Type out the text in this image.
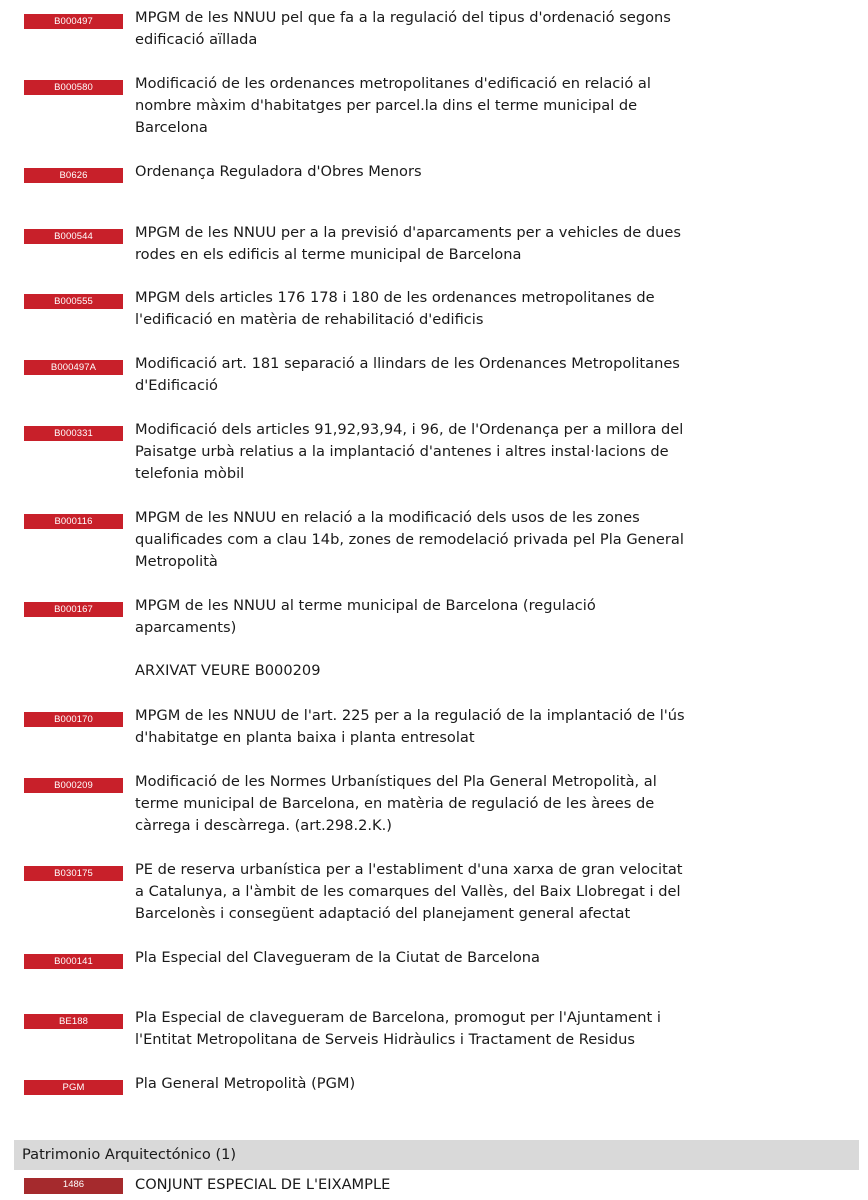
B000497	MPGM de les NNUU pel que fa a la regulació del tipus d'ordenació segons edificació aïllada
B000580	Modificació de les ordenances metropolitanes d'edificació en relació al nombre màxim d'habitatges per parcel.la dins el terme municipal de Barcelona
B0626	Ordenança Reguladora d'Obres Menors
B000544	MPGM de les NNUU per a la previsió d'aparcaments per a vehicles de dues rodes en els edificis al terme municipal de Barcelona
B000555	MPGM dels articles 176 178 i 180 de les ordenances metropolitanes de l'edificació en matèria de rehabilitació d'edificis
B000497A	Modificació art. 181 separació a llindars de les Ordenances Metropolitanes d'Edificació
B000331	Modificació dels articles 91,92,93,94, i 96, de l'Ordenança per a millora del Paisatge urbà relatius a la implantació d'antenes i altres instal·lacions de telefonia mòbil
B000116	MPGM de les NNUU en relació a la modificació dels usos de les zones qualificades com a clau 14b, zones de remodelació privada pel Pla General Metropolità
B000167	MPGM de les NNUU al terme municipal de Barcelona (regulació aparcaments)
ARXIVAT VEURE B000209
B000170	MPGM de les NNUU de l'art. 225 per a la regulació de la implantació de l'ús d'habitatge en planta baixa i planta entresolat
B000209	Modificació de les Normes Urbanístiques del Pla General Metropolità, al terme municipal de Barcelona, en matèria de regulació de les àrees de càrrega i descàrrega. (art.298.2.K.)
B030175	PE de reserva urbanística per a l'establiment d'una xarxa de gran velocitat a Catalunya, a l'àmbit de les comarques del Vallès, del Baix Llobregat i del Barcelonès i consegüent adaptació del planejament general afectat
B000141	Pla Especial del Clavegueram de la Ciutat de Barcelona
BE188	Pla Especial de clavegueram de Barcelona, promogut per l'Ajuntament i l'Entitat Metropolitana de Serveis Hidràulics i Tractament de Residus
PGM	Pla General Metropolità (PGM)
Patrimonio Arquitectónico (1)
1486	CONJUNT ESPECIAL DE L'EIXAMPLE
